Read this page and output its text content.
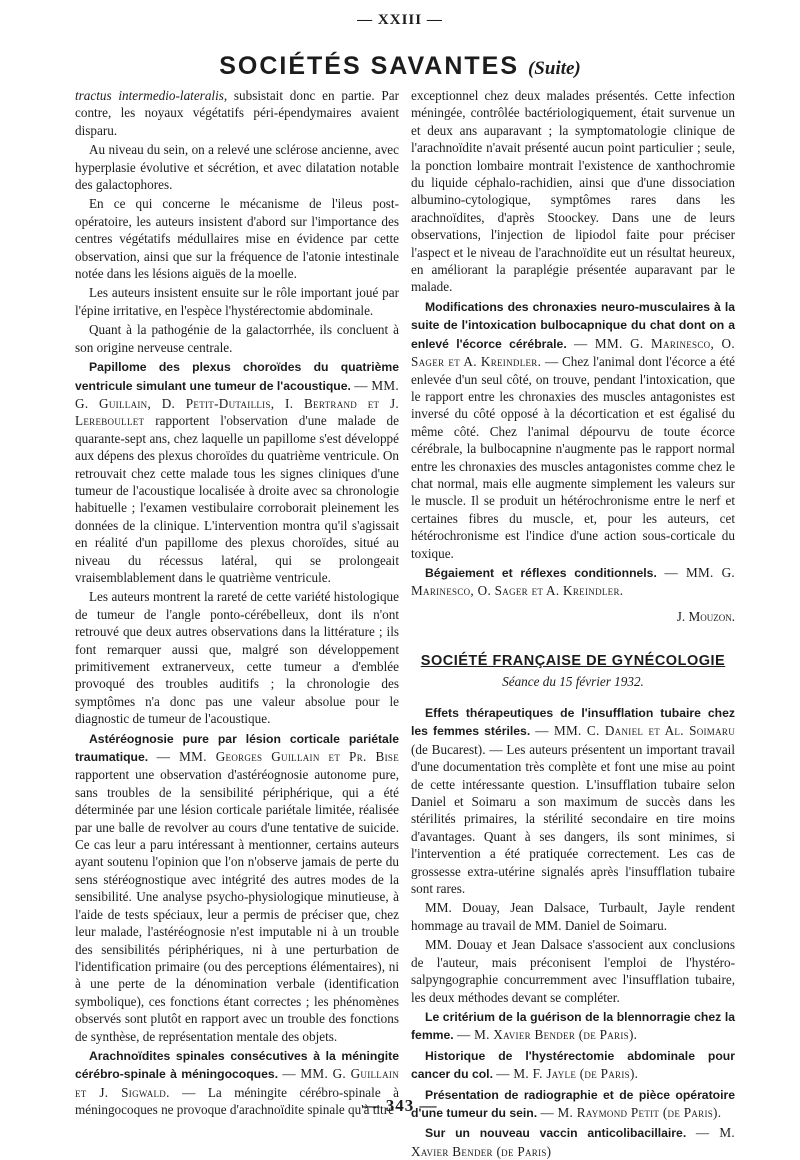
— XXIII —
SOCIÉTÉS SAVANTES (Suite)

tractus intermedio-lateralis, subsistait donc en partie. Par contre, les noyaux végétatifs péri-épendymaires avaient disparu.

Au niveau du sein, on a relevé une sclérose ancienne, avec hyperplasie évolutive et sécrétion, et avec dilatation notable des galactophores.

En ce qui concerne le mécanisme de l'ileus post-opératoire, les auteurs insistent d'abord sur l'importance des centres végétatifs médullaires mise en évidence par cette observation, ainsi que sur la fréquence de l'atonie intestinale notée dans les lésions aiguës de la moelle.

Les auteurs insistent ensuite sur le rôle important joué par l'épine irritative, en l'espèce l'hystérectomie abdominale.

Quant à la pathogénie de la galactorrhée, ils concluent à son origine nerveuse centrale.

Papillome des plexus choroïdes du quatrième ventricule simulant une tumeur de l'acoustique. — MM. G. Guillain, D. Petit-Dutaillis, I. Bertrand et J. Lereboullet rapportent l'observation d'une malade de quarante-sept ans, chez laquelle un papillome s'est développé aux dépens des plexus choroïdes du quatrième ventricule. On retrouvait chez cette malade tous les signes cliniques d'une tumeur de l'acoustique localisée à droite avec sa chronologie habituelle ; l'examen vestibulaire corroborait pleinement les données de la clinique. L'intervention montra qu'il s'agissait en réalité d'un papillome des plexus choroïdes, situé au niveau du récessus latéral, qui se prolongeait vraisemblablement dans le quatrième ventricule.

Les auteurs montrent la rareté de cette variété histologique de tumeur de l'angle ponto-cérébelleux, dont ils n'ont retrouvé que deux autres observations dans la littérature ; ils font remarquer aussi que, malgré son développement primitivement extranerveux, cette tumeur a d'emblée provoqué des troubles auditifs ; la chronologie des symptômes n'a donc pas une valeur absolue pour le diagnostic de tumeur de l'acoustique.

Astéréognosie pure par lésion corticale pariétale traumatique. — MM. Georges Guillain et Pr. Bise rapportent une observation d'astéréognosie autonome pure, sans troubles de la sensibilité périphérique, qui a été déterminée par une lésion corticale pariétale limitée, réalisée par une balle de revolver au cours d'une tentative de suicide. Ce cas leur a paru intéressant à mentionner, certains auteurs ayant soutenu l'opinion que l'on n'observe jamais de perte du sens stéréognostique avec intégrité des autres modes de la sensibilité. Une analyse psycho-physiologique minutieuse, à l'aide de tests spéciaux, leur a permis de préciser que, chez leur malade, l'astéréognosie n'est imputable ni à un trouble des sensibilités périphériques, ni à une perturbation de l'identification primaire (ou des perceptions élémentaires), ni à une perte de la dénomination verbale (identification symbolique), ces fonctions étant correctes ; les phénomènes observés sont plutôt en rapport avec un trouble des fonctions de synthèse, de représentation mentale des objets.

Arachnoïdites spinales consécutives à la méningite cérébro-spinale à méningocoques. — MM. G. Guillain et J. Sigwald. — La méningite cérébro-spinale à méningocoques ne provoque d'arachnoïdite spinale qu'à titre

exceptionnel chez deux malades présentés. Cette infection méningée, contrôlée bactériologiquement, était survenue un et deux ans auparavant ; la symptomatologie clinique de l'arachnoïdite n'avait présenté aucun point particulier ; seule, la ponction lombaire montrait l'existence de xanthochromie du liquide céphalo-rachidien, ainsi que d'une dissociation albumino-cytologique, symptômes rares dans les arachnoïdites, d'après Stoockey. Dans une de leurs observations, l'injection de lipiodol faite pour préciser l'aspect et le niveau de l'arachnoïdite eut un résultat heureux, en améliorant la paraplégie présentée auparavant par le malade.

Modifications des chronaxies neuro-musculaires à la suite de l'intoxication bulbocapnique du chat dont on a enlevé l'écorce cérébrale. — MM. G. Marinesco, O. Sager et A. Kreindler. — Chez l'animal dont l'écorce a été enlevée d'un seul côté, on trouve, pendant l'intoxication, que le rapport entre les chronaxies des muscles antagonistes est inversé du côté opposé à la décortication et est égalisé du même côté. Chez l'animal dépourvu de toute écorce cérébrale, la bulbocapnine n'augmente pas le rapport normal entre les chronaxies des muscles antagonistes comme chez le chat normal, mais elle augmente simplement les valeurs sur le muscle. Il se produit un hétérochronisme entre le nerf et certaines fibres du muscle, et, pour les auteurs, cet hétérochronisme est l'indice d'une action sous-corticale du toxique.

Bégaiement et réflexes conditionnels. — MM. G. Marinesco, O. Sager et A. Kreindler.

J. Mouzon.

SOCIÉTÉ FRANÇAISE DE GYNÉCOLOGIE

Séance du 15 février 1932.

Effets thérapeutiques de l'insufflation tubaire chez les femmes stériles. — MM. C. Daniel et Al. Soimaru (de Bucarest). — Les auteurs présentent un important travail d'une documentation très complète et font une mise au point de cette intéressante question. L'insufflation tubaire selon Daniel et Soimaru a son maximum de succès dans les stérilités primaires, la stérilité secondaire en tire moins d'avantages. Quant à ses dangers, ils sont minimes, si l'intervention a été pratiquée correctement. Les cas de grossesse extra-utérine signalés après l'insufflation tubaire sont rares.

MM. Douay, Jean Dalsace, Turbault, Jayle rendent hommage au travail de MM. Daniel de Soimaru.

MM. Douay et Jean Dalsace s'associent aux conclusions de l'auteur, mais préconisent l'emploi de l'hystéro-salpyngographie concurremment avec l'insufflation tubaire, les deux méthodes devant se compléter.

Le critérium de la guérison de la blennorragie chez la femme. — M. Xavier Bender (de Paris).

Historique de l'hystérectomie abdominale pour cancer du col. — M. F. Jayle (de Paris).

Présentation de radiographie et de pièce opératoire d'une tumeur du sein. — M. Raymond Petit (de Paris).

Sur un nouveau vaccin anticolibacillaire. — M. Xavier Bender (de Paris)

— 343 —
